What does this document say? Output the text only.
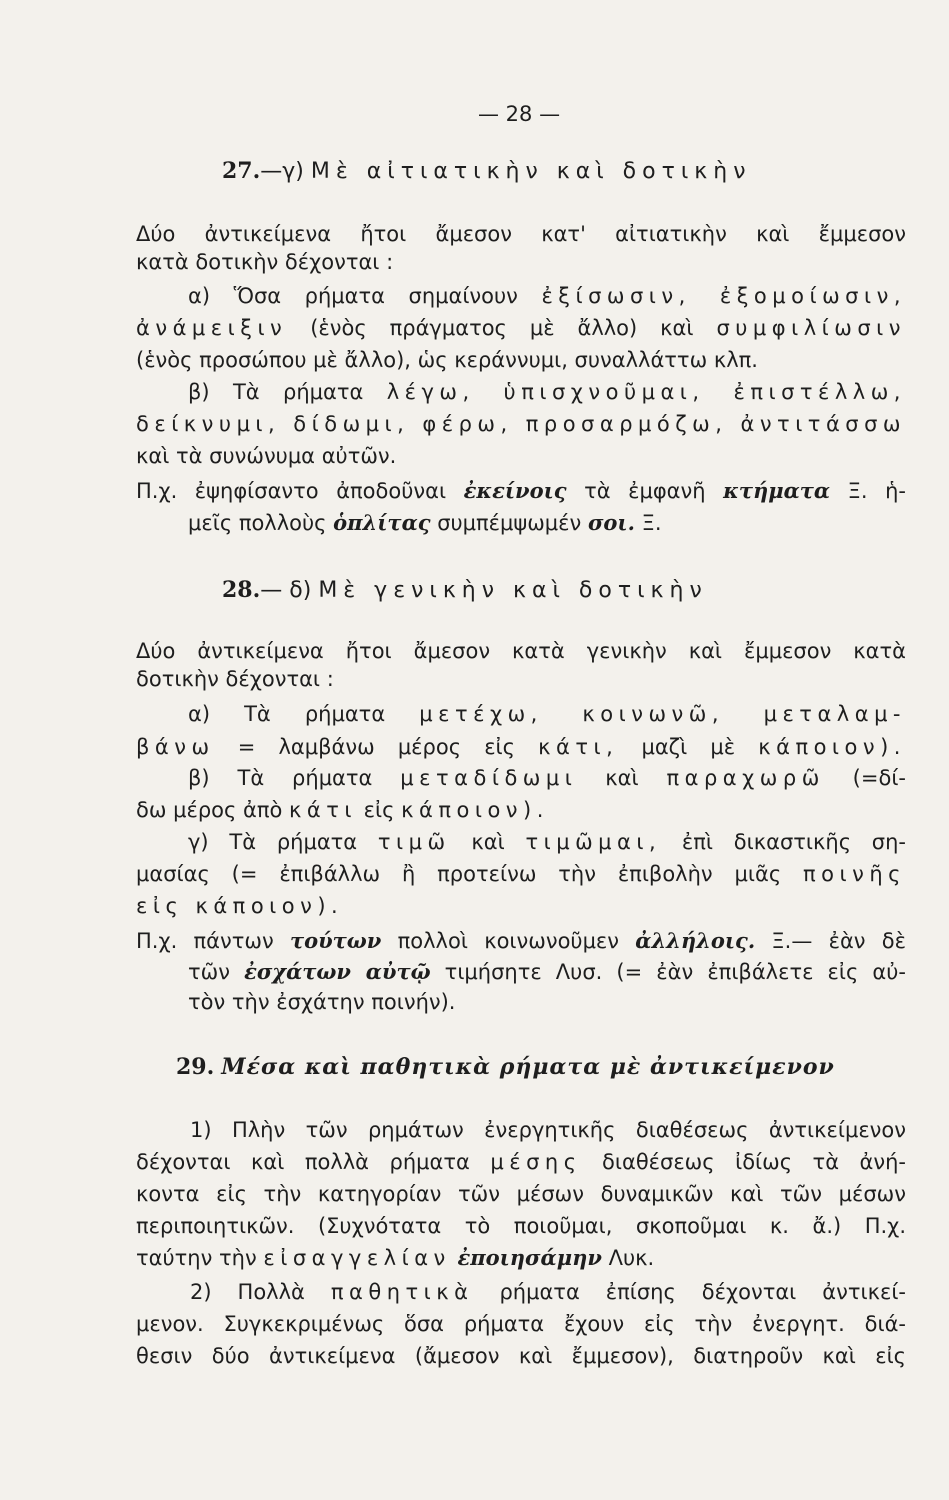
— 28 —
27.—γ) Μὲ αἰτιατικὴν καὶ δοτικὴν
Δύο ἀντικείμενα ἤτοι ἄμεσον κατ' αἰτιατικὴν καὶ ἔμμεσον
κατὰ δοτικὴν δέχονται :
α) Ὅσα ρήματα σημαίνουν ἐξίσωσιν, ἐξομοίωσιν,
ἀνάμειξιν (ἑνὸς πράγματος μὲ ἄλλο) καὶ συμφιλίωσιν
(ἑνὸς προσώπου μὲ ἄλλο), ὡς κεράννυμι, συναλλάττω κλπ.
β) Τὰ ρήματα λέγω, ὑπισχνοῦμαι, ἐπιστέλλω,
δείκνυμι, δίδωμι, φέρω, προσαρμόζω, ἀντιτάσσω
καὶ τὰ συνώνυμα αὐτῶν.
Π.χ. ἐψηφίσαντο ἀποδοῦναι ἐκείνοις τὰ ἐμφανῆ κτήματα Ξ. ἡ-
μεῖς πολλοὺς ὁπλίτας συμπέμψωμέν σοι. Ξ.
28.— δ) Μὲ γενικὴν καὶ δοτικὴν
Δύο ἀντικείμενα ἤτοι ἄμεσον κατὰ γενικὴν καὶ ἔμμεσον κατὰ
δοτικὴν δέχονται :
α) Τὰ ρήματα μετέχω, κοινωνῶ, μεταλαμ-
βάνω = λαμβάνω μέρος εἰς κάτι, μαζὶ μὲ κάποιον).
β) Τὰ ρήματα μεταδίδωμι καὶ παραχωρῶ (=δί-
δω μέρος ἀπὸ κάτι εἰς κάποιον).
γ) Τὰ ρήματα τιμῶ καὶ τιμῶμαι, ἐπὶ δικαστικῆς ση-
μασίας (= ἐπιβάλλω ἢ προτείνω τὴν ἐπιβολὴν μιᾶς ποινῆς
εἰς κάποιον).
Π.χ. πάντων τούτων πολλοὶ κοινωνοῦμεν ἀλλήλοις. Ξ.— ἐὰν δὲ
τῶν ἐσχάτων αὐτῷ τιμήσητε Λυσ. (= ἐὰν ἐπιβάλετε εἰς αὐ-
τὸν τὴν ἐσχάτην ποινήν).
29. Μέσα καὶ παθητικὰ ρήματα μὲ ἀντικείμενον
1) Πλὴν τῶν ρημάτων ἐνεργητικῆς διαθέσεως ἀντικείμενον
δέχονται καὶ πολλὰ ρήματα μέσης διαθέσεως ἰδίως τὰ ἀνή-
κοντα εἰς τὴν κατηγορίαν τῶν μέσων δυναμικῶν καὶ τῶν μέσων
περιποιητικῶν. (Συχνότατα τὸ ποιοῦμαι, σκοποῦμαι κ. ἄ.) Π.χ.
ταύτην τὴν εἰσαγγελίαν ἐποιησάμην Λυκ.
2) Πολλὰ παθητικὰ ρήματα ἐπίσης δέχονται ἀντικεί-
μενον. Συγκεκριμένως ὅσα ρήματα ἔχουν εἰς τὴν ἐνεργητ. διά-
θεσιν δύο ἀντικείμενα (ἄμεσον καὶ ἔμμεσον), διατηροῦν καὶ εἰς
